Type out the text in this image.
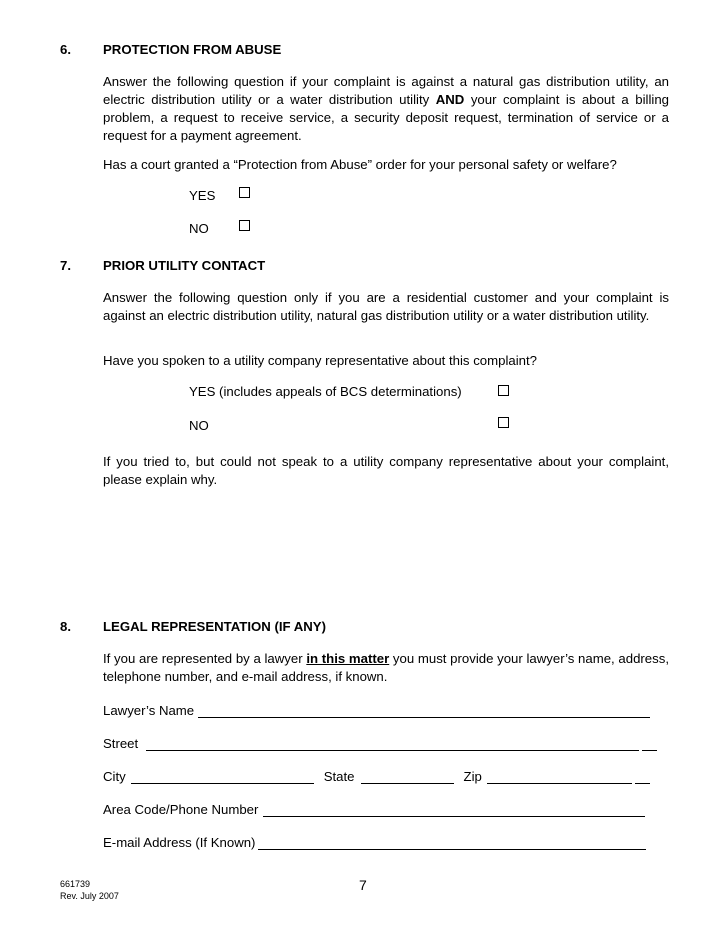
6. PROTECTION FROM ABUSE
Answer the following question if your complaint is against a natural gas distribution utility, an electric distribution utility or a water distribution utility AND your complaint is about a billing problem, a request to receive service, a security deposit request, termination of service or a request for a payment agreement.
Has a court granted a “Protection from Abuse” order for your personal safety or welfare?
YES
NO
7. PRIOR UTILITY CONTACT
Answer the following question only if you are a residential customer and your complaint is against an electric distribution utility, natural gas distribution utility or a water distribution utility.
Have you spoken to a utility company representative about this complaint?
YES (includes appeals of BCS determinations)
NO
If you tried to, but could not speak to a utility company representative about your complaint, please explain why.
8. LEGAL REPRESENTATION (IF ANY)
If you are represented by a lawyer in this matter you must provide your lawyer’s name, address, telephone number, and e-mail address, if known.
Lawyer’s Name
Street
City	State	Zip
Area Code/Phone Number
E-mail Address (If Known)
661739
Rev. July 2007
7
